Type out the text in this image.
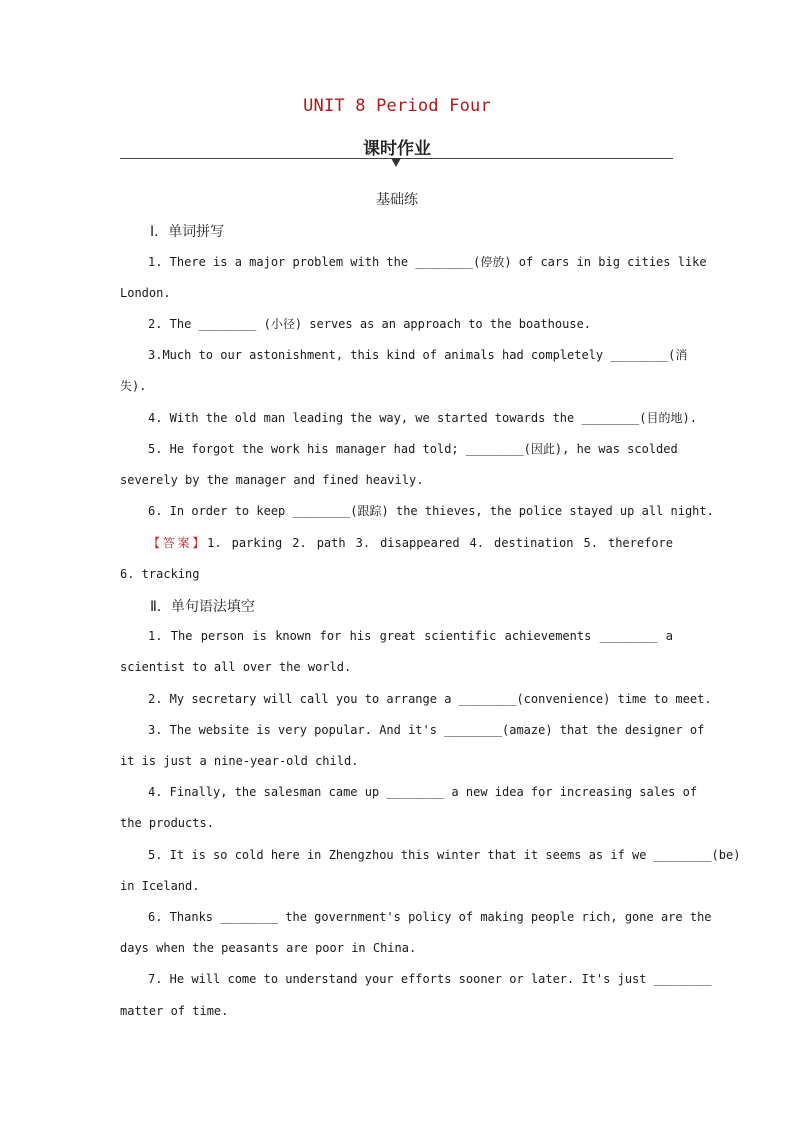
UNIT 8 Period Four
课时作业
基础练
Ⅰ．单词拼写
1. There is a major problem with the ________(停放) of cars in big cities like
London.
2. The ________ (小径) serves as an approach to the boathouse.
3.Much to our astonishment, this kind of animals had completely ________(消
失).
4. With the old man leading the way, we started towards the ________(目的地).
5. He forgot the work his manager had told; ________(因此), he was scolded
severely by the manager and fined heavily.
6. In order to keep ________(跟踪) the thieves, the police stayed up all night.
【答案】1. parking 2. path 3. disappeared 4. destination 5. therefore
6. tracking
Ⅱ．单句语法填空
1. The person is known for his great scientific achievements ________ a
scientist to all over the world.
2. My secretary will call you to arrange a ________(convenience) time to meet.
3. The website is very popular. And it's ________(amaze) that the designer of
it is just a nine-year-old child.
4. Finally, the salesman came up ________ a new idea for increasing sales of
the products.
5. It is so cold here in Zhengzhou this winter that it seems as if we ________(be)
in Iceland.
6. Thanks ________ the government's policy of making people rich, gone are the
days when the peasants are poor in China.
7. He will come to understand your efforts sooner or later. It's just ________
matter of time.
